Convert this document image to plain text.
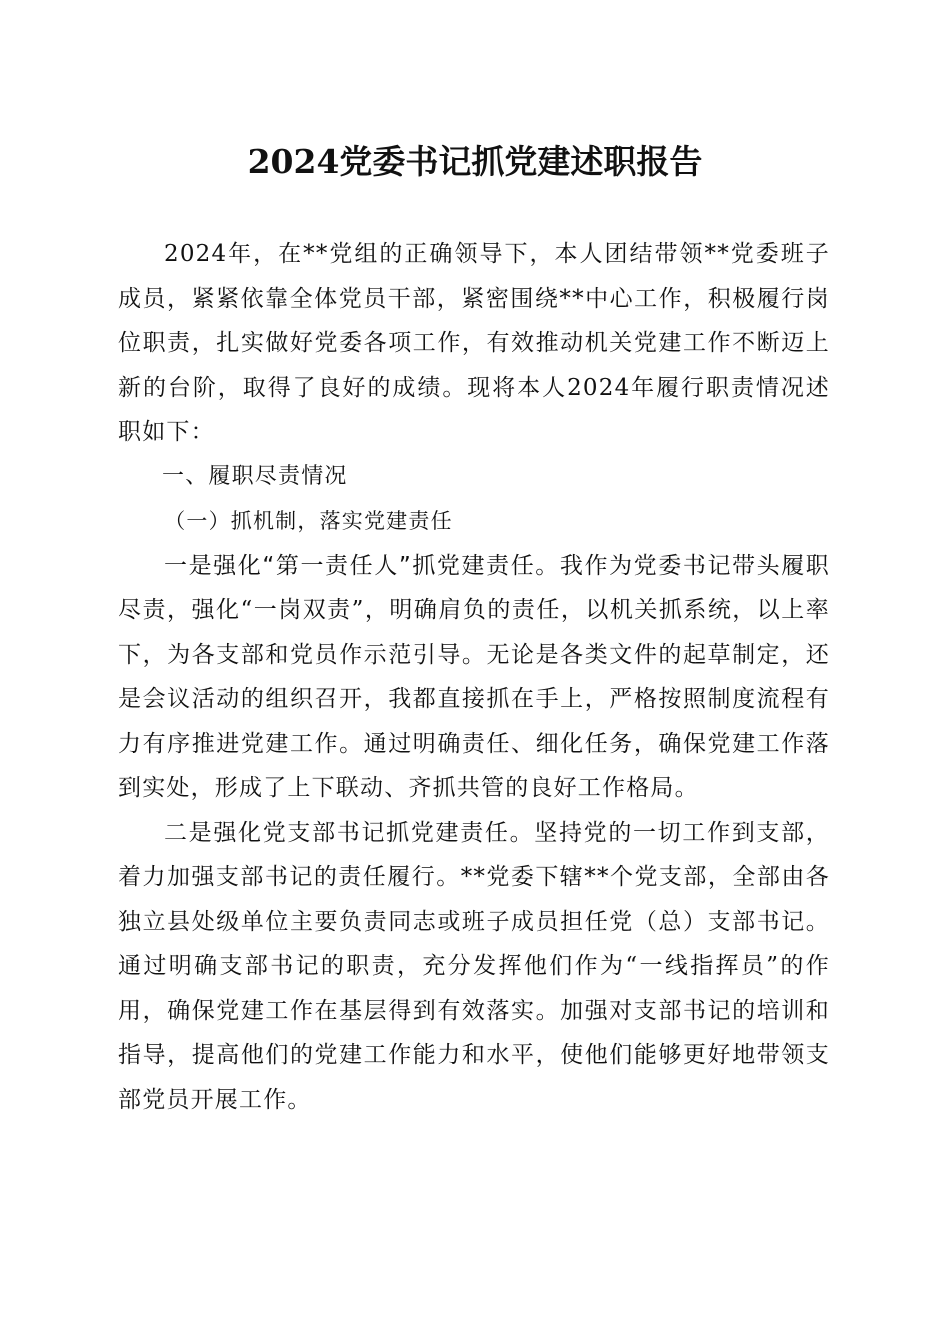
2024党委书记抓党建述职报告

2024年，在**党组的正确领导下，本人团结带领**党委班子成员，紧紧依靠全体党员干部，紧密围绕**中心工作，积极履行岗位职责，扎实做好党委各项工作，有效推动机关党建工作不断迈上新的台阶，取得了良好的成绩。现将本人2024年履行职责情况述职如下：

一、履职尽责情况

（一）抓机制，落实党建责任

一是强化“第一责任人”抓党建责任。我作为党委书记带头履职尽责，强化“一岗双责”，明确肩负的责任，以机关抓系统，以上率下，为各支部和党员作示范引导。无论是各类文件的起草制定，还是会议活动的组织召开，我都直接抓在手上，严格按照制度流程有力有序推进党建工作。通过明确责任、细化任务，确保党建工作落到实处，形成了上下联动、齐抓共管的良好工作格局。

二是强化党支部书记抓党建责任。坚持党的一切工作到支部，着力加强支部书记的责任履行。**党委下辖**个党支部，全部由各独立县处级单位主要负责同志或班子成员担任党（总）支部书记。通过明确支部书记的职责，充分发挥他们作为“一线指挥员”的作用，确保党建工作在基层得到有效落实。加强对支部书记的培训和指导，提高他们的党建工作能力和水平，使他们能够更好地带领支部党员开展工作。
